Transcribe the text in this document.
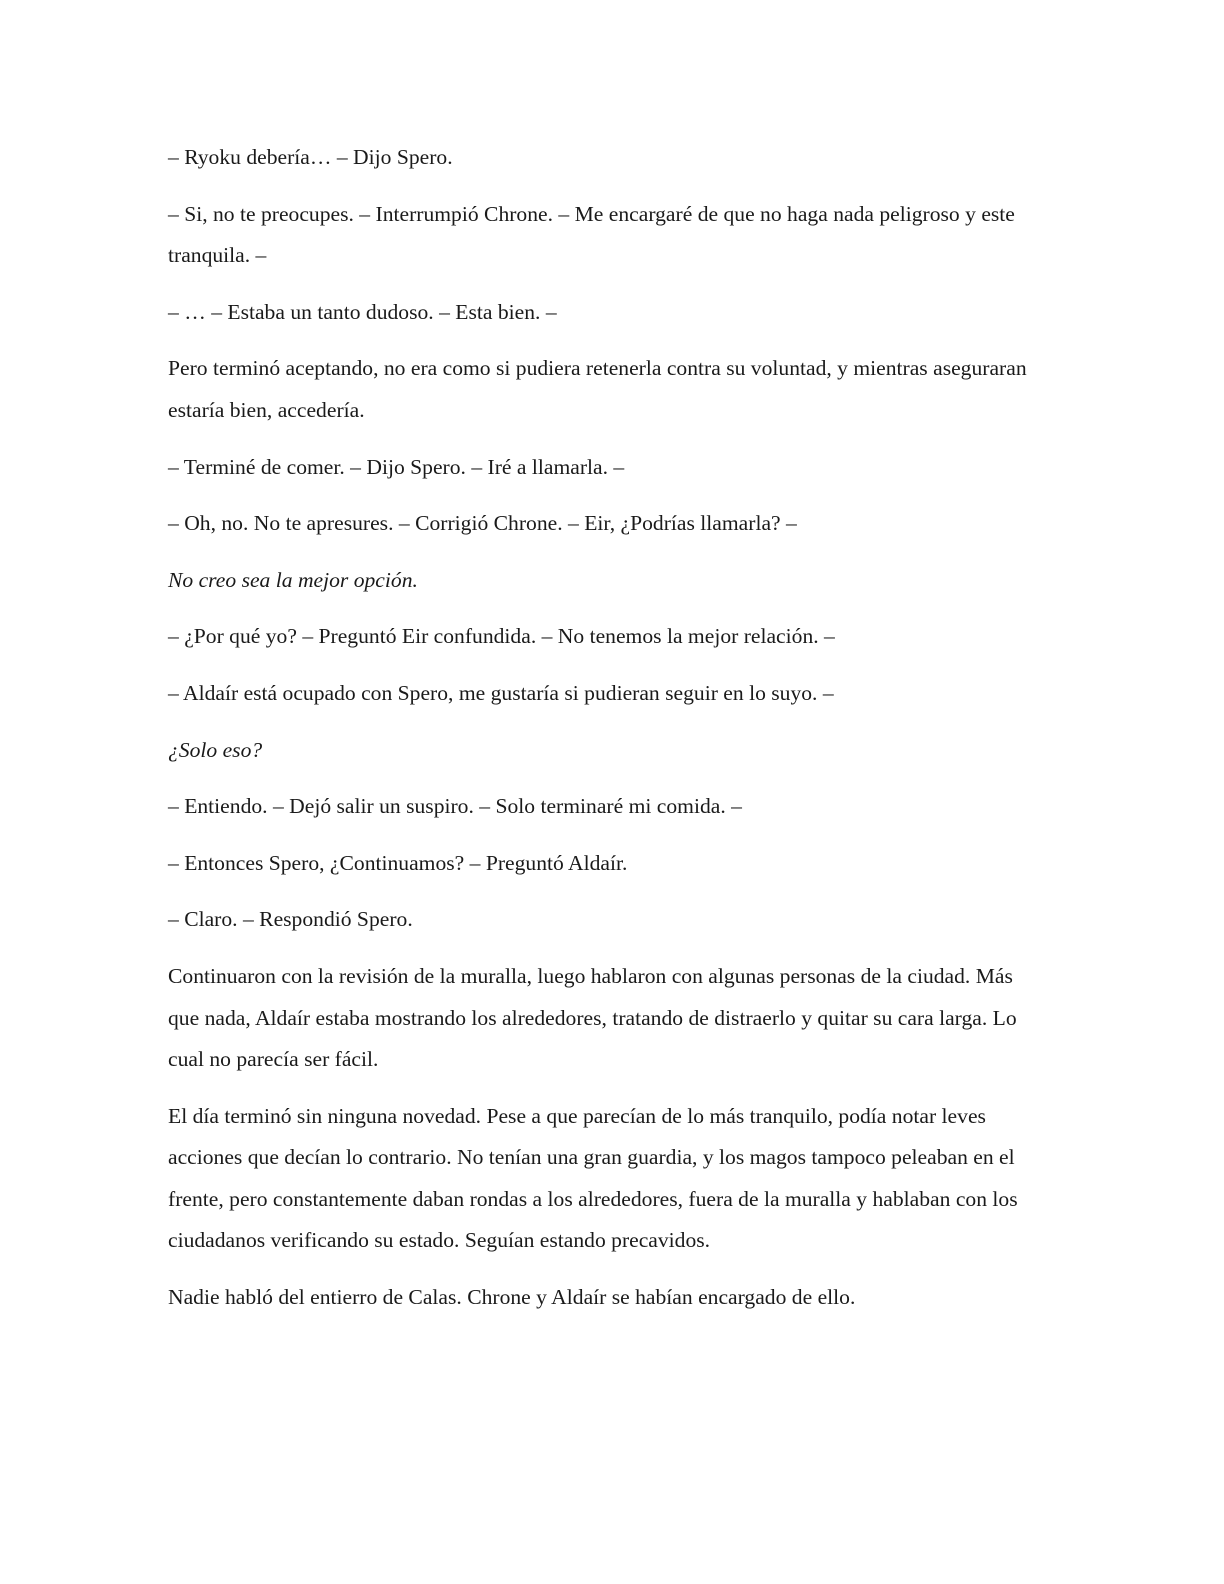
– Ryoku debería… – Dijo Spero.

– Si, no te preocupes. – Interrumpió Chrone. – Me encargaré de que no haga nada peligroso y este tranquila. –

– … – Estaba un tanto dudoso. – Esta bien. –

Pero terminó aceptando, no era como si pudiera retenerla contra su voluntad, y mientras aseguraran estaría bien, accedería.

– Terminé de comer. – Dijo Spero. – Iré a llamarla. –

– Oh, no. No te apresures. – Corrigió Chrone. – Eir, ¿Podrías llamarla? –

No creo sea la mejor opción.

– ¿Por qué yo? – Preguntó Eir confundida. – No tenemos la mejor relación. –

– Aldaír está ocupado con Spero, me gustaría si pudieran seguir en lo suyo. –

¿Solo eso?

– Entiendo. – Dejó salir un suspiro. – Solo terminaré mi comida. –

– Entonces Spero, ¿Continuamos? – Preguntó Aldaír.

– Claro. – Respondió Spero.

Continuaron con la revisión de la muralla, luego hablaron con algunas personas de la ciudad. Más que nada, Aldaír estaba mostrando los alrededores, tratando de distraerlo y quitar su cara larga. Lo cual no parecía ser fácil.

El día terminó sin ninguna novedad. Pese a que parecían de lo más tranquilo, podía notar leves acciones que decían lo contrario. No tenían una gran guardia, y los magos tampoco peleaban en el frente, pero constantemente daban rondas a los alrededores, fuera de la muralla y hablaban con los ciudadanos verificando su estado. Seguían estando precavidos.

Nadie habló del entierro de Calas. Chrone y Aldaír se habían encargado de ello.
